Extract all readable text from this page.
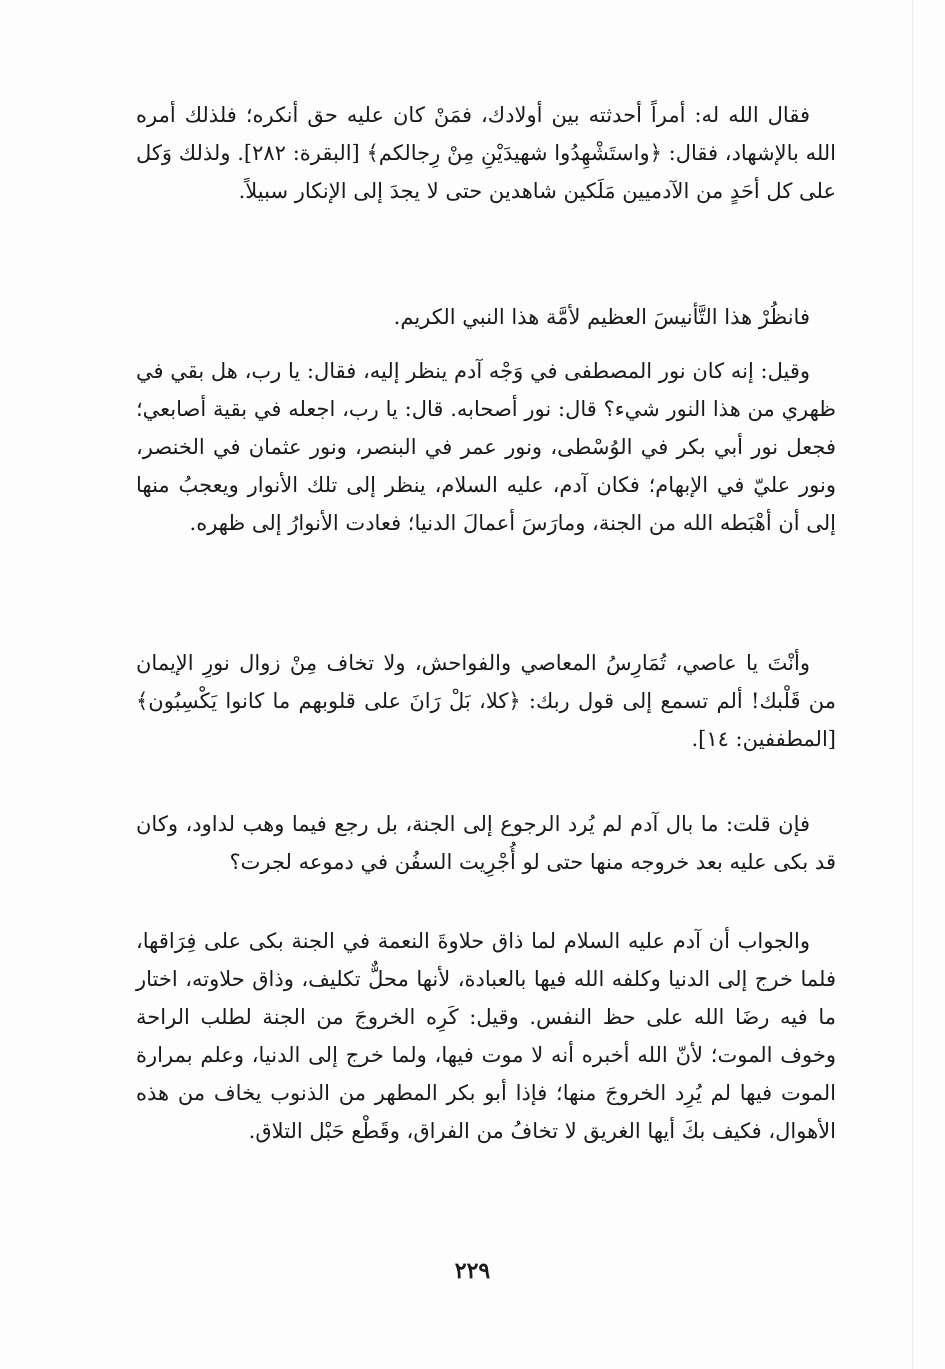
فقال الله له: أمراً أحدثته بين أولادك، فمَنْ كان عليه حق أنكره؛ فلذلك أمره الله بالإشهاد، فقال: ﴿واستَشْهِدُوا شهيدَيْنِ مِنْ رِجالكم﴾ [البقرة: ٢٨٢]. ولذلك وَكل على كل أحَدٍ من الآدميين مَلَكين شاهدين حتى لا يجدَ إلى الإنكار سبيلاً.

فانظُرْ هذا التَّأنيسَ العظيم لأمَّة هذا النبي الكريم.

وقيل: إنه كان نور المصطفى في وَجْه آدم ينظر إليه، فقال: يا رب، هل بقي في ظهري من هذا النور شيء؟ قال: نور أصحابه. قال: يا رب، اجعله في بقية أصابعي؛ فجعل نور أبي بكر في الوُسْطى، ونور عمر في البنصر، ونور عثمان في الخنصر، ونور عليّ في الإبهام؛ فكان آدم، عليه السلام، ينظر إلى تلك الأنوار ويعجبُ منها إلى أن أهْبَطه الله من الجنة، ومارَسَ أعمالَ الدنيا؛ فعادت الأنوارُ إلى ظهره.

وأنْتَ يا عاصي، تُمَارِسُ المعاصي والفواحش، ولا تخاف مِنْ زوال نورِ الإيمان من قَلْبك! ألم تسمع إلى قول ربك: ﴿كلا، بَلْ رَانَ على قلوبهم ما كانوا يَكْسِبُون﴾ [المطففين: ١٤].

فإن قلت: ما بال آدم لم يُرد الرجوع إلى الجنة، بل رجع فيما وهب لداود، وكان قد بكى عليه بعد خروجه منها حتى لو أُجْرِيت السفُن في دموعه لجرت؟

والجواب أن آدم عليه السلام لما ذاق حلاوةَ النعمة في الجنة بكى على فِرَاقها، فلما خرج إلى الدنيا وكلفه الله فيها بالعبادة، لأنها محلٌّ تكليف، وذاق حلاوته، اختار ما فيه رضَا الله على حظ النفس. وقيل: كَرِه الخروجَ من الجنة لطلب الراحة وخوف الموت؛ لأنّ الله أخبره أنه لا موت فيها، ولما خرج إلى الدنيا، وعلم بمرارة الموت فيها لم يُرِد الخروجَ منها؛ فإذا أبو بكر المطهر من الذنوب يخاف من هذه الأهوال، فكيف بكَ أيها الغريق لا تخافُ من الفراق، وقَطْع حَبْل التلاق.

٢٢٩
